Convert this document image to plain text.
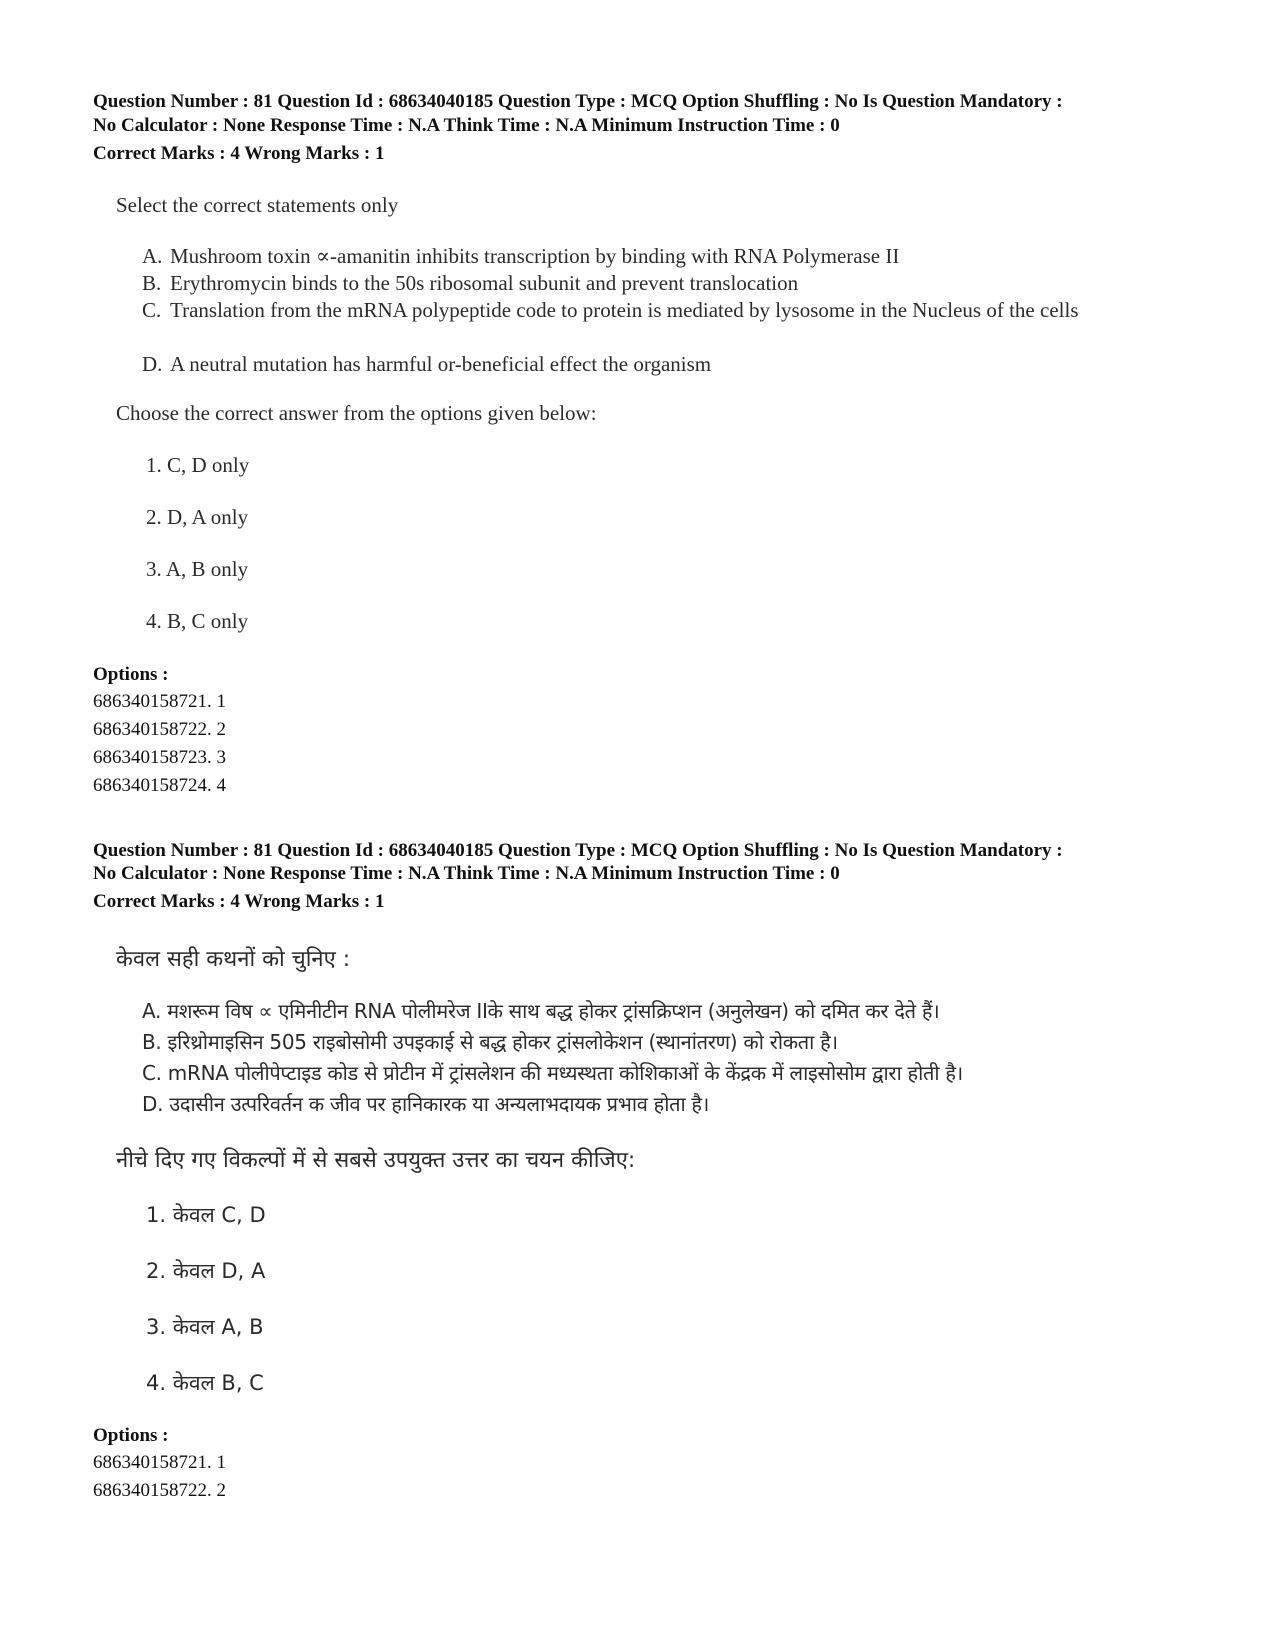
Question Number : 81 Question Id : 68634040185 Question Type : MCQ Option Shuffling : No Is Question Mandatory :

No Calculator : None Response Time : N.A Think Time : N.A Minimum Instruction Time : 0

Correct Marks : 4 Wrong Marks : 1

Select the correct statements only

A. Mushroom toxin ∝-amanitin inhibits transcription by binding with RNA Polymerase II
B. Erythromycin binds to the 50s ribosomal subunit and prevent translocation
C. Translation from the mRNA polypeptide code to protein is mediated by lysosome in the Nucleus of the cells
D. A neutral mutation has harmful or-beneficial effect the organism

Choose the correct answer from the options given below:

1. C, D only

2. D, A only

3. A, B only

4. B, C only

Options :

686340158721. 1

686340158722. 2

686340158723. 3

686340158724. 4

Question Number : 81 Question Id : 68634040185 Question Type : MCQ Option Shuffling : No Is Question Mandatory :

No Calculator : None Response Time : N.A Think Time : N.A Minimum Instruction Time : 0

Correct Marks : 4 Wrong Marks : 1

केवल सही कथनों को चुनिए :

A. मशरूम विष ∝ एमिनीटीन RNA पोलीमरेज IIके साथ बद्ध होकर ट्रांसक्रिप्शन (अनुलेखन) को दमित कर देते हैं।

B. इरिथ्रोमाइसिन 505 राइबोसोमी उपइकाई से बद्ध होकर ट्रांसलोकेशन (स्थानांतरण) को रोकता है।

C. mRNA पोलीपेप्टाइड कोड से प्रोटीन में ट्रांसलेशन की मध्यस्थता कोशिकाओं के केंद्रक में लाइसोसोम द्वारा होती है।

D. उदासीन उत्परिवर्तन क जीव पर हानिकारक या अन्यलाभदायक प्रभाव होता है।

नीचे दिए गए विकल्पों में से सबसे उपयुक्त उत्तर का चयन कीजिए:

1. केवल C, D

2. केवल D, A

3. केवल A, B

4. केवल B, C

Options :

686340158721. 1

686340158722. 2
